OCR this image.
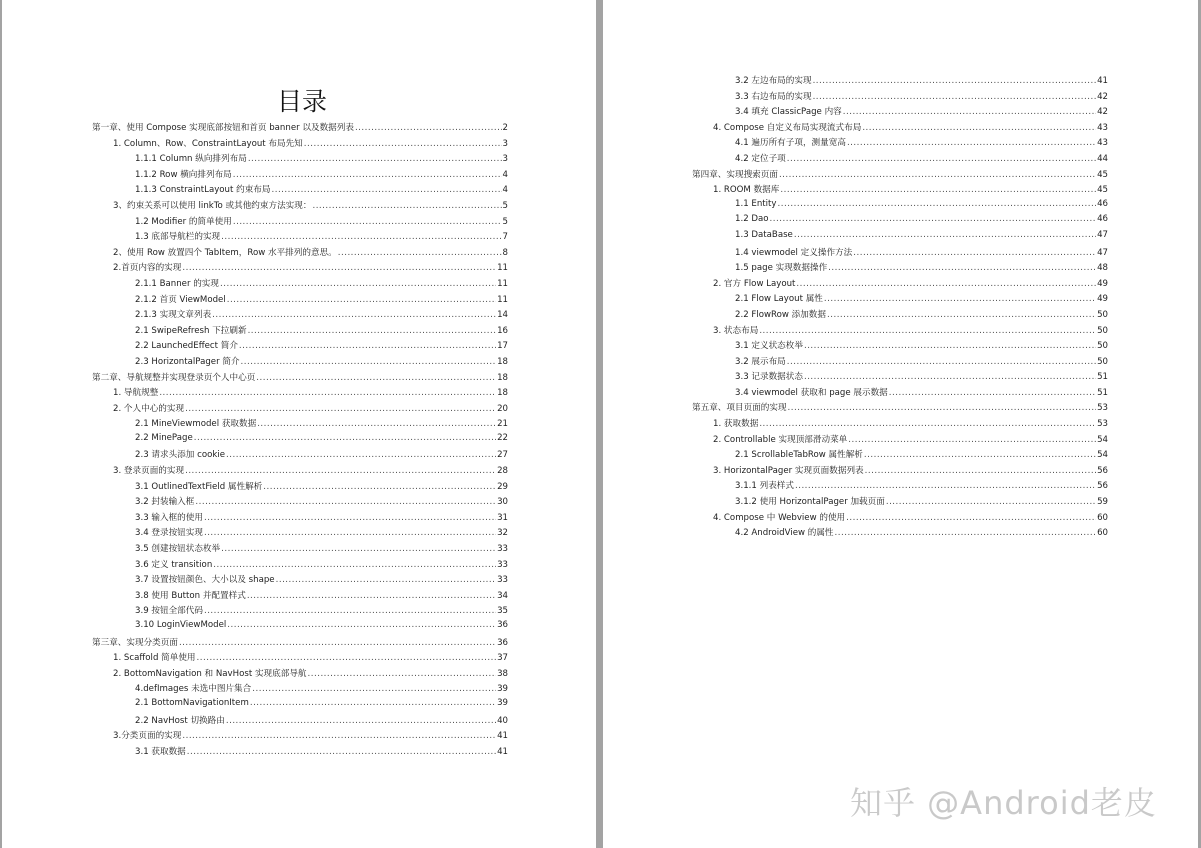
目录
第一章、使用 Compose 实现底部按钮和首页 banner 以及数据列表 .....	2
1. Column、Row、ConstraintLayout 布局先知 .....	3
1.1.1 Column 纵向排列布局 .....	3
1.1.2 Row 横向排列布局 .....	4
1.1.3 ConstraintLayout 约束布局 .....	4
3、约束关系可以使用 linkTo 或其他约束方法实现： .....	5
1.2 Modifier 的简单使用 .....	5
1.3 底部导航栏的实现 .....	7
2、使用 Row 放置四个 TabItem，Row 水平排列的意思。 .....	8
2.首页内容的实现 .....	11
2.1.1 Banner 的实现 .....	11
2.1.2 首页 ViewModel .....	11
2.1.3 实现文章列表 .....	14
2.1 SwipeRefresh 下拉刷新 .....	16
2.2 LaunchedEffect 简介 .....	17
2.3 HorizontalPager 简介 .....	18
第二章、导航规整并实现登录页个人中心页 .....	18
1. 导航规整 .....	18
2. 个人中心的实现 .....	20
2.1 MineViewmodel 获取数据 .....	21
2.2 MinePage .....	22
2.3 请求头添加 cookie .....	27
3. 登录页面的实现 .....	28
3.1 OutlinedTextField 属性解析 .....	29
3.2 封装输入框 .....	30
3.3 输入框的使用 .....	31
3.4 登录按钮实现 .....	32
3.5 创建按钮状态枚举 .....	33
3.6 定义 transition .....	33
3.7 设置按钮颜色、大小以及 shape .....	33
3.8 使用 Button 并配置样式 .....	34
3.9 按钮全部代码 .....	35
3.10 LoginViewModel .....	36
第三章、实现分类页面 .....	36
1. Scaffold 简单使用 .....	37
2. BottomNavigation 和 NavHost 实现底部导航 .....	38
4.defImages 未选中图片集合 .....	39
2.1 BottomNavigationItem .....	39
2.2 NavHost 切换路由 .....	40
3.分类页面的实现 .....	41
3.1 获取数据 .....	41
3.2 左边布局的实现 .....	41
3.3 右边布局的实现 .....	42
3.4 填充 ClassicPage 内容 .....	42
4. Compose 自定义布局实现流式布局 .....	43
4.1 遍历所有子项，测量宽高 .....	43
4.2 定位子项 .....	44
第四章、实现搜索页面 .....	45
1. ROOM 数据库 .....	45
1.1 Entity .....	46
1.2 Dao .....	46
1.3 DataBase .....	47
1.4 viewmodel 定义操作方法 .....	47
1.5 page 实现数据操作 .....	48
2. 官方 Flow Layout .....	49
2.1 Flow Layout 属性 .....	49
2.2 FlowRow 添加数据 .....	50
3. 状态布局 .....	50
3.1 定义状态枚举 .....	50
3.2 展示布局 .....	50
3.3 记录数据状态 .....	51
3.4 viewmodel 获取和 page 展示数据 .....	51
第五章、项目页面的实现 .....	53
1. 获取数据 .....	53
2. Controllable 实现顶部滑动菜单 .....	54
2.1 ScrollableTabRow 属性解析 .....	54
3. HorizontalPager 实现页面数据列表 .....	56
3.1.1 列表样式 .....	56
3.1.2 使用 HorizontalPager 加载页面 .....	59
4. Compose 中 Webview 的使用 .....	60
4.2 AndroidView 的属性 .....	60
知乎 @Android老皮
